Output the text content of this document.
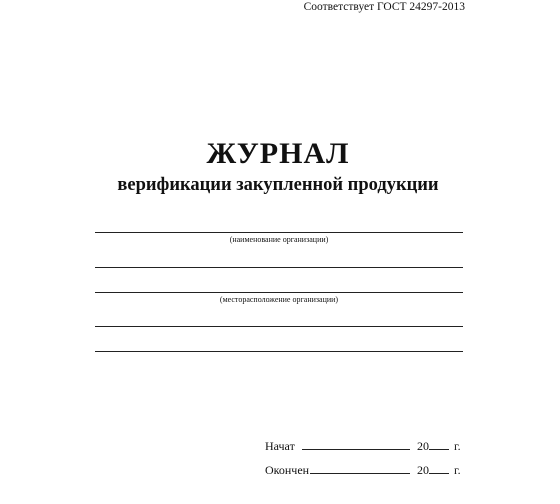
Соответствует ГОСТ 24297-2013
ЖУРНАЛ
верификации закупленной продукции
(наименование организации)
(месторасположение организации)
Начат	20 г.
Окончен	20 г.
